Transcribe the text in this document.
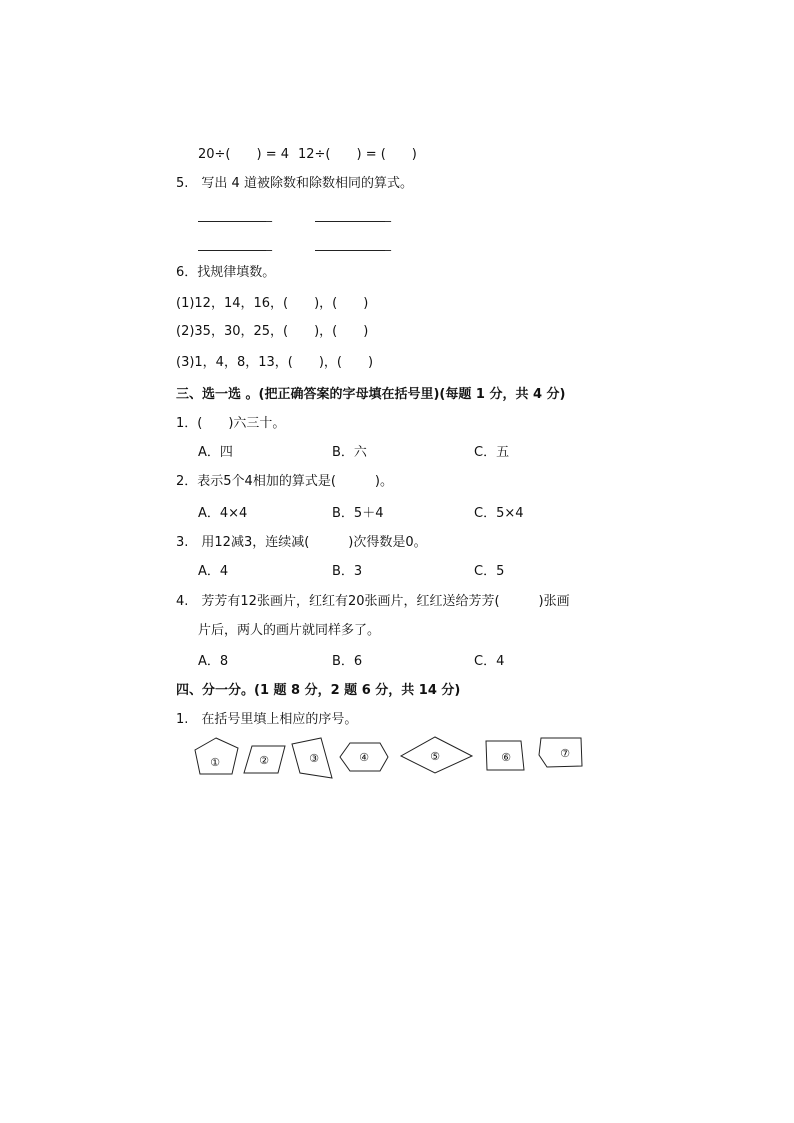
20÷(　　) = 4 12÷(　　) = (　　)
5.　写出 4 道被除数和除数相同的算式。
_	_
_	_
6．找规律填数。
(1)12，14，16，(　　)，(　　)
(2)35，30，25，(　　)，(　　)
(3)1，4，8，13，(　　)，(　　)
三、选一选 。(把正确答案的字母填在括号里)(每题 1 分，共 4 分)
1．(　　)六三十。
A．四	B．六	C．五
2．表示5个4相加的算式是(　　　)。
A．4×4	B．5＋4	C．5×4
3.　用12减3，连续减(　　　)次得数是0。
A．4	B．3	C．5
4.　芳芳有12张画片，红红有20张画片，红红送给芳芳(　　　)张画
片后，两人的画片就同样多了。
A．8	B．6	C．4
四、分一分。(1 题 8 分，2 题 6 分，共 14 分)
1.　在括号里填上相应的序号。
①	②	③	④	⑤	⑥	⑦
